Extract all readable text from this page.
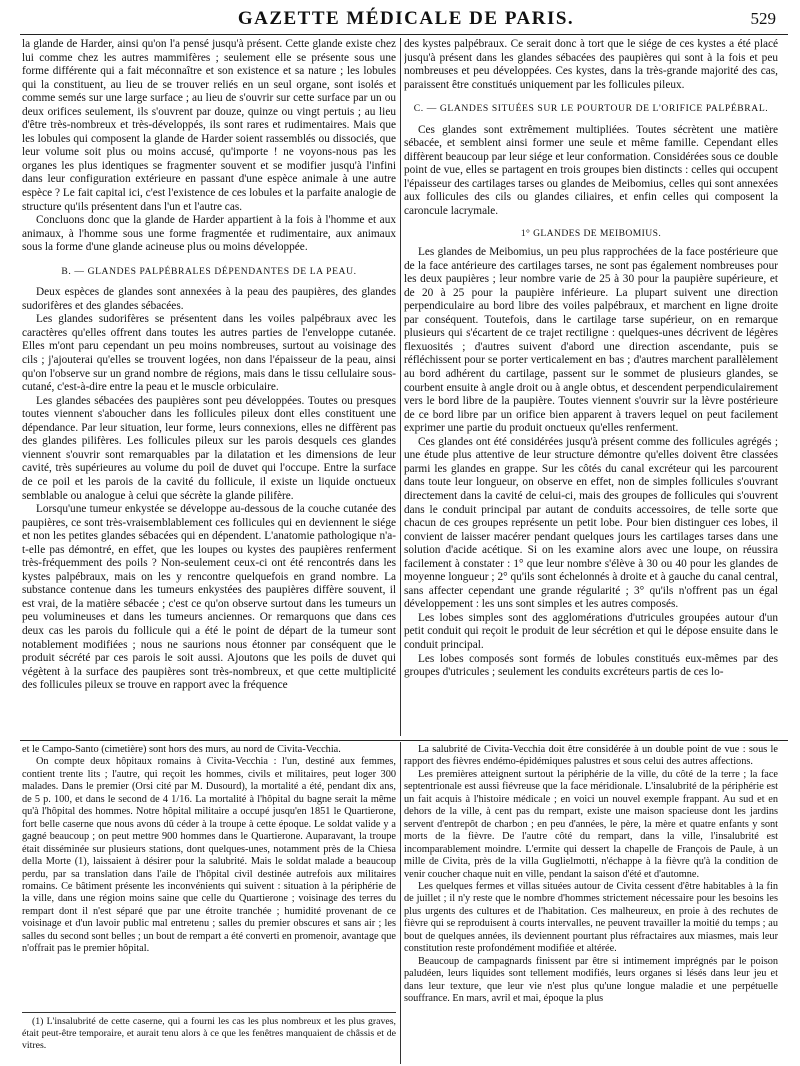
GAZETTE MÉDICALE DE PARIS.	529

la glande de Harder, ainsi qu'on l'a pensé jusqu'à présent. Cette glande existe chez lui comme chez les autres mammifères ; seulement elle se présente sous une forme différente qui a fait méconnaître et son existence et sa nature ; les lobules qui la constituent, au lieu de se trouver reliés en un seul organe, sont isolés et comme semés sur une large surface ; au lieu de s'ouvrir sur cette surface par un ou deux orifices seulement, ils s'ouvrent par douze, quinze ou vingt pertuis ; au lieu d'être très-nombreux et très-développés, ils sont rares et rudimentaires. Mais que les lobules qui composent la glande de Harder soient rassemblés ou dissociés, que leur volume soit plus ou moins accusé, qu'importe ! ne voyons-nous pas les organes les plus identiques se fragmenter souvent et se modifier jusqu'à l'infini dans leur configuration extérieure en passant d'une espèce animale à une autre espèce ? Le fait capital ici, c'est l'existence de ces lobules et la parfaite analogie de structure qu'ils présentent dans l'un et l'autre cas.

Concluons donc que la glande de Harder appartient à la fois à l'homme et aux animaux, à l'homme sous une forme fragmentée et rudimentaire, aux animaux sous la forme d'une glande acineuse plus ou moins développée.

B. — GLANDES PALPÉBRALES DÉPENDANTES DE LA PEAU.

Deux espèces de glandes sont annexées à la peau des paupières, des glandes sudorifères et des glandes sébacées.

Les glandes sudorifères se présentent dans les voiles palpébraux avec les caractères qu'elles offrent dans toutes les autres parties de l'enveloppe cutanée. Elles m'ont paru cependant un peu moins nombreuses, surtout au voisinage des cils ; j'ajouterai qu'elles se trouvent logées, non dans l'épaisseur de la peau, ainsi qu'on l'observe sur un grand nombre de régions, mais dans le tissu cellulaire sous-cutané, c'est-à-dire entre la peau et le muscle orbiculaire.

Les glandes sébacées des paupières sont peu développées. Toutes ou presques toutes viennent s'aboucher dans les follicules pileux dont elles constituent une dépendance. Par leur situation, leur forme, leurs connexions, elles ne diffèrent pas des glandes pilifères. Les follicules pileux sur les parois desquels ces glandes viennent s'ouvrir sont remarquables par la dilatation et les dimensions de leur cavité, très supérieures au volume du poil de duvet qui l'occupe. Entre la surface de ce poil et les parois de la cavité du follicule, il existe un liquide onctueux semblable ou analogue à celui que sécrète la glande pilifère.

Lorsqu'une tumeur enkystée se développe au-dessous de la couche cutanée des paupières, ce sont très-vraisemblablement ces follicules qui en deviennent le siége et non les petites glandes sébacées qui en dépendent. L'anatomie pathologique n'a-t-elle pas démontré, en effet, que les loupes ou kystes des paupières renferment très-fréquemment des poils ? Non-seulement ceux-ci ont été rencontrés dans les kystes palpébraux, mais on les y rencontre quelquefois en grand nombre. La substance contenue dans les tumeurs enkystées des paupières diffère souvent, il est vrai, de la matière sébacée ; c'est ce qu'on observe surtout dans les tumeurs un peu volumineuses et dans les tumeurs anciennes. Or remarquons que dans ces deux cas les parois du follicule qui a été le point de départ de la tumeur sont notablement modifiées ; nous ne saurions nous étonner par conséquent que le produit sécrété par ces parois le soit aussi. Ajoutons que les poils de duvet qui végètent à la surface des paupières sont très-nombreux, et que cette multiplicité des follicules pileux se trouve en rapport avec la fréquence

des kystes palpébraux. Ce serait donc à tort que le siége de ces kystes a été placé jusqu'à présent dans les glandes sébacées des paupières qui sont à la fois et peu nombreuses et peu développées. Ces kystes, dans la très-grande majorité des cas, paraissent être constitués uniquement par les follicules pileux.

C. — GLANDES SITUÉES SUR LE POURTOUR DE L'ORIFICE PALPÉBRAL.

Ces glandes sont extrêmement multipliées. Toutes sécrètent une matière sébacée, et semblent ainsi former une seule et même famille. Cependant elles diffèrent beaucoup par leur siége et leur conformation. Considérées sous ce double point de vue, elles se partagent en trois groupes bien distincts : celles qui occupent l'épaisseur des cartilages tarses ou glandes de Meibomius, celles qui sont annexées aux follicules des cils ou glandes ciliaires, et enfin celles qui composent la caroncule lacrymale.

1° GLANDES DE MEIBOMIUS.

Les glandes de Meibomius, un peu plus rapprochées de la face postérieure que de la face antérieure des cartilages tarses, ne sont pas également nombreuses pour les deux paupières ; leur nombre varie de 25 à 30 pour la paupière supérieure, et de 20 à 25 pour la paupière inférieure. La plupart suivent une direction perpendiculaire au bord libre des voiles palpébraux, et marchent en ligne droite par conséquent. Toutefois, dans le cartilage tarse supérieur, on en remarque plusieurs qui s'écartent de ce trajet rectiligne : quelques-unes décrivent de légères flexuosités ; d'autres suivent d'abord une direction ascendante, puis se réfléchissent pour se porter verticalement en bas ; d'autres marchent parallèlement au bord adhérent du cartilage, passent sur le sommet de plusieurs glandes, se courbent ensuite à angle droit ou à angle obtus, et descendent perpendiculairement vers le bord libre de la paupière. Toutes viennent s'ouvrir sur la lèvre postérieure de ce bord libre par un orifice bien apparent à travers lequel on peut facilement exprimer une partie du produit onctueux qu'elles renferment.

Ces glandes ont été considérées jusqu'à présent comme des follicules agrégés ; une étude plus attentive de leur structure démontre qu'elles doivent être classées parmi les glandes en grappe. Sur les côtés du canal excréteur qui les parcourent dans toute leur longueur, on observe en effet, non de simples follicules s'ouvrant directement dans la cavité de celui-ci, mais des groupes de follicules qui s'ouvrent dans le conduit principal par autant de conduits accessoires, de telle sorte que chacun de ces groupes représente un petit lobe. Pour bien distinguer ces lobes, il convient de laisser macérer pendant quelques jours les cartilages tarses dans une solution d'acide acétique. Si on les examine alors avec une loupe, on réussira facilement à constater : 1° que leur nombre s'élève à 30 ou 40 pour les glandes de moyenne longueur ; 2° qu'ils sont échelonnés à droite et à gauche du canal central, sans affecter cependant une grande régularité ; 3° qu'ils n'offrent pas un égal développement : les uns sont simples et les autres composés.

Les lobes simples sont des agglomérations d'utricules groupées autour d'un petit conduit qui reçoit le produit de leur sécrétion et qui le dépose ensuite dans le conduit principal.

Les lobes composés sont formés de lobules constitués eux-mêmes par des groupes d'utricules ; seulement les conduits excréteurs partis de ces lo-

et le Campo-Santo (cimetière) sont hors des murs, au nord de Civita-Vecchia.

On compte deux hôpitaux romains à Civita-Vecchia : l'un, destiné aux femmes, contient trente lits ; l'autre, qui reçoit les hommes, civils et militaires, peut loger 300 malades. Dans le premier (Orsi cité par M. Dusourd), la mortalité a été, pendant dix ans, de 5 p. 100, et dans le second de 4 1/16. La mortalité à l'hôpital du bagne serait la même qu'à l'hôpital des hommes. Notre hôpital militaire a occupé jusqu'en 1851 le Quartierone, fort belle caserne que nous avons dû céder à la troupe à cette époque. Le soldat valide y a gagné beaucoup ; on peut mettre 900 hommes dans le Quartierone. Auparavant, la troupe était disséminée sur plusieurs stations, dont quelques-unes, notamment près de la Chiesa della Morte (1), laissaient à désirer pour la salubrité. Mais le soldat malade a beaucoup perdu, par sa translation dans l'aile de l'hôpital civil destinée autrefois aux militaires romains. Ce bâtiment présente les inconvénients qui suivent : situation à la périphérie de la ville, dans une région moins saine que celle du Quartierone ; voisinage des terres du rempart dont il n'est séparé que par une étroite tranchée ; humidité provenant de ce voisinage et d'un lavoir public mal entretenu ; salles du premier obscures et sans air ; les salles du second sont belles ; un bout de rempart a été converti en promenoir, avantage que n'offrait pas le premier hôpital.

La salubrité de Civita-Vecchia doit être considérée à un double point de vue : sous le rapport des fièvres endémo-épidémiques palustres et sous celui des autres affections.

Les premières atteignent surtout la périphérie de la ville, du côté de la terre ; la face septentrionale est aussi fiévreuse que la face méridionale. L'insalubrité de la périphérie est un fait acquis à l'histoire médicale ; en voici un nouvel exemple frappant. Au sud et en dehors de la ville, à cent pas du rempart, existe une maison spacieuse dont les jardins servent d'entrepôt de charbon ; en peu d'années, le père, la mère et quatre enfants y sont morts de la fièvre. De l'autre côté du rempart, dans la ville, l'insalubrité est incomparablement moindre. L'ermite qui dessert la chapelle de François de Paule, à un mille de Civita, près de la villa Guglielmotti, n'échappe à la fièvre qu'à la condition de venir coucher chaque nuit en ville, pendant la saison d'été et d'automne.

Les quelques fermes et villas situées autour de Civita cessent d'être habitables à la fin de juillet ; il n'y reste que le nombre d'hommes strictement nécessaire pour les besoins les plus urgents des cultures et de l'habitation. Ces malheureux, en proie à des rechutes de fièvre qui se reproduisent à courts intervalles, ne peuvent travailler la moitié du temps ; au bout de quelques années, ils deviennent pourtant plus réfractaires aux miasmes, mais leur constitution reste profondément modifiée et altérée.

Beaucoup de campagnards finissent par être si intimement imprégnés par le poison paludéen, leurs liquides sont tellement modifiés, leurs organes si lésés dans leur jeu et dans leur texture, que leur vie n'est plus qu'une longue maladie et une perpétuelle souffrance. En mars, avril et mai, époque la plus

(1) L'insalubrité de cette caserne, qui a fourni les cas les plus nombreux et les plus graves, était peut-être temporaire, et aurait tenu alors à ce que les fenêtres manquaient de châssis et de vitres.
